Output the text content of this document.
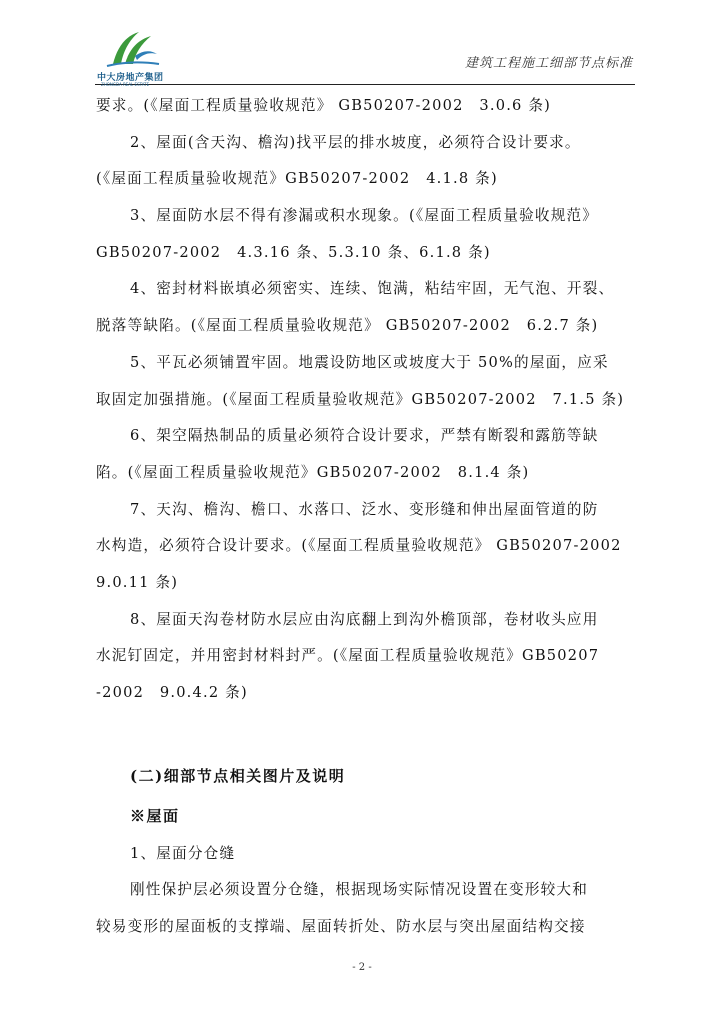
中大房地产集团
ZHONGDA REAL ESTATE
建筑工程施工细部节点标准
要求。(《屋面工程质量验收规范》 GB50207-2002　3.0.6 条)
2、屋面(含天沟、檐沟)找平层的排水坡度，必须符合设计要求。
(《屋面工程质量验收规范》GB50207-2002　4.1.8 条)
3、屋面防水层不得有渗漏或积水现象。(《屋面工程质量验收规范》
GB50207-2002　4.3.16 条、5.3.10 条、6.1.8 条)
4、密封材料嵌填必须密实、连续、饱满，粘结牢固，无气泡、开裂、
脱落等缺陷。(《屋面工程质量验收规范》 GB50207-2002　6.2.7 条)
5、平瓦必须铺置牢固。地震设防地区或坡度大于 50%的屋面，应采
取固定加强措施。(《屋面工程质量验收规范》GB50207-2002　7.1.5 条)
6、架空隔热制品的质量必须符合设计要求，严禁有断裂和露筋等缺
陷。(《屋面工程质量验收规范》GB50207-2002　8.1.4 条)
7、天沟、檐沟、檐口、水落口、泛水、变形缝和伸出屋面管道的防
水构造，必须符合设计要求。(《屋面工程质量验收规范》 GB50207-2002
9.0.11 条)
8、屋面天沟卷材防水层应由沟底翻上到沟外檐顶部，卷材收头应用
水泥钉固定，并用密封材料封严。(《屋面工程质量验收规范》GB50207
-2002　9.0.4.2 条)
(二)细部节点相关图片及说明
※屋面
1、屋面分仓缝
刚性保护层必须设置分仓缝，根据现场实际情况设置在变形较大和
较易变形的屋面板的支撑端、屋面转折处、防水层与突出屋面结构交接
- 2 -
